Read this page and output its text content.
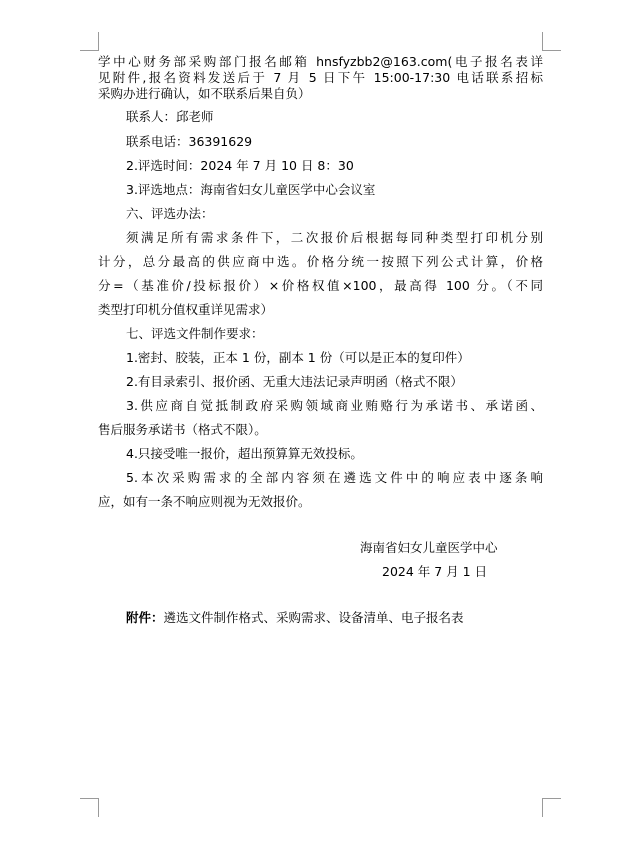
学中心财务部采购部门报名邮箱 hnsfyzbb2@163.com(电子报名表详
见附件,报名资料发送后于 7 月 5 日下午 15:00-17:30 电话联系招标
采购办进行确认，如不联系后果自负）
联系人：邱老师
联系电话：36391629
2.评选时间：2024 年 7 月 10 日 8：30
3.评选地点：海南省妇女儿童医学中心会议室
六、评选办法：
须满足所有需求条件下，二次报价后根据每同种类型打印机分别
计分，总分最高的供应商中选。价格分统一按照下列公式计算，价格
分=（基准价/投标报价）×价格权值×100，最高得 100 分。（不同
类型打印机分值权重详见需求）
七、评选文件制作要求：
1.密封、胶装，正本 1 份，副本 1 份（可以是正本的复印件）
2.有目录索引、报价函、无重大违法记录声明函（格式不限）
3.供应商自觉抵制政府采购领域商业贿赂行为承诺书、承诺函、
售后服务承诺书（格式不限）。
4.只接受唯一报价，超出预算算无效投标。
5.本次采购需求的全部内容须在遴选文件中的响应表中逐条响
应，如有一条不响应则视为无效报价。
海南省妇女儿童医学中心
2024 年 7 月 1 日
附件：遴选文件制作格式、采购需求、设备清单、电子报名表
